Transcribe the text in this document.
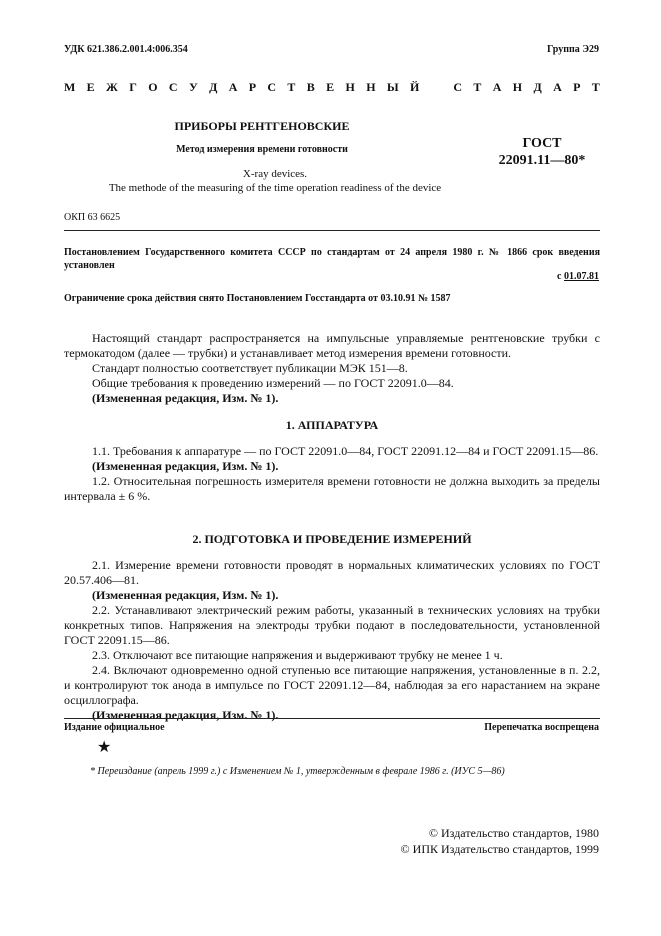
УДК 621.386.2.001.4:006.354	Группа Э29
М Е Ж Г О С У Д А Р С Т В Е Н Н Ы Й	С Т А Н Д А Р Т
ПРИБОРЫ РЕНТГЕНОВСКИЕ
Метод измерения времени готовности
X-ray devices.
The methode of the measuring of the time operation readiness of the device
ГОСТ
22091.11—80*
ОКП 63 6625
Постановлением Государственного комитета СССР по стандартам от 24 апреля 1980 г. № 1866 срок введения установлен
с 01.07.81
Ограничение срока действия снято Постановлением Госстандарта от 03.10.91 № 1587
Настоящий стандарт распространяется на импульсные управляемые рентгеновские трубки с термокатодом (далее — трубки) и устанавливает метод измерения времени готовности.
Стандарт полностью соответствует публикации МЭК 151—8.
Общие требования к проведению измерений — по ГОСТ 22091.0—84.
(Измененная редакция, Изм. № 1).
1. АППАРАТУРА
1.1. Требования к аппаратуре — по ГОСТ 22091.0—84, ГОСТ 22091.12—84 и ГОСТ 22091.15—86.
(Измененная редакция, Изм. № 1).
1.2. Относительная погрешность измерителя времени готовности не должна выходить за пределы интервала ± 6 %.
2. ПОДГОТОВКА И ПРОВЕДЕНИЕ ИЗМЕРЕНИЙ
2.1. Измерение времени готовности проводят в нормальных климатических условиях по ГОСТ 20.57.406—81.
(Измененная редакция, Изм. № 1).
2.2. Устанавливают электрический режим работы, указанный в технических условиях на трубки конкретных типов. Напряжения на электроды трубки подают в последовательности, установленной ГОСТ 22091.15—86.
2.3. Отключают все питающие напряжения и выдерживают трубку не менее 1 ч.
2.4. Включают одновременно одной ступенью все питающие напряжения, установленные в п. 2.2, и контролируют ток анода в импульсе по ГОСТ 22091.12—84, наблюдая за его нарастанием на экране осциллографа.
(Измененная редакция, Изм. № 1).
Издание официальное	Перепечатка воспрещена
★
* Переиздание (апрель 1999 г.) с Изменением № 1, утвержденным в феврале 1986 г. (ИУС 5—86)
© Издательство стандартов, 1980
© ИПК Издательство стандартов, 1999
